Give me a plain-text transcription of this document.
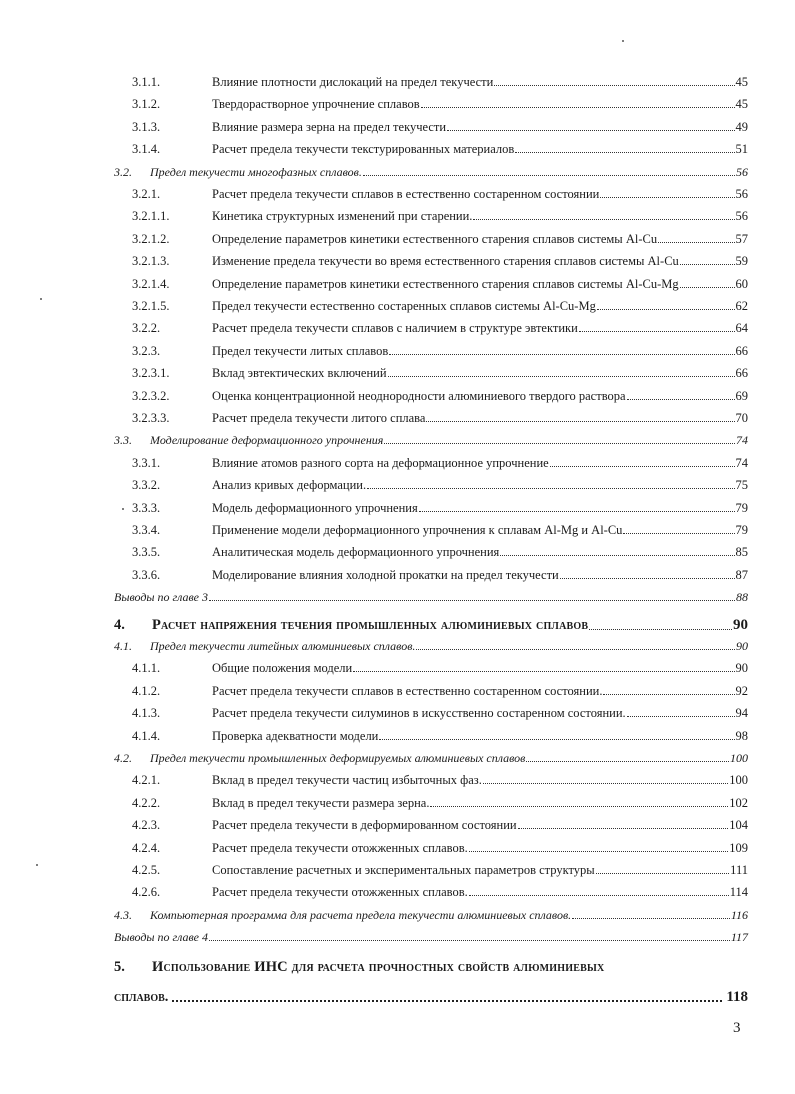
3.1.1.	Влияние плотности дислокаций на предел текучести	45
3.1.2.	Твердорастворное упрочнение сплавов	45
3.1.3.	Влияние размера зерна на предел текучести	49
3.1.4.	Расчет предела текучести текстурированных материалов	51
3.2.	Предел текучести многофазных сплавов.	56
3.2.1.	Расчет предела текучести сплавов в естественно состаренном состоянии	56
3.2.1.1.	Кинетика структурных изменений при старении.	56
3.2.1.2.	Определение параметров кинетики естественного старения сплавов системы Al-Cu	57
3.2.1.3.	Изменение предела текучести во время естественного старения сплавов системы Al-Cu	59
3.2.1.4.	Определение параметров кинетики естественного старения сплавов системы Al-Cu-Mg	60
3.2.1.5.	Предел текучести естественно состаренных сплавов системы Al-Cu-Mg	62
3.2.2.	Расчет предела текучести сплавов с наличием в структуре эвтектики	64
3.2.3.	Предел текучести литых сплавов	66
3.2.3.1.	Вклад эвтектических включений	66
3.2.3.2.	Оценка концентрационной неоднородности алюминиевого твердого раствора	69
3.2.3.3.	Расчет предела текучести литого сплава	70
3.3.	Моделирование деформационного упрочнения	74
3.3.1.	Влияние атомов разного сорта на деформационное упрочнение	74
3.3.2.	Анализ кривых деформации.	75
3.3.3.	Модель деформационного упрочнения	79
3.3.4.	Применение модели деформационного упрочнения к сплавам Al-Mg и Al-Cu	79
3.3.5.	Аналитическая модель деформационного упрочнения	85
3.3.6.	Моделирование влияния холодной прокатки на предел текучести	87
Выводы по главе 3	88
4.	Расчет напряжения течения промышленных алюминиевых сплавов	90
4.1.	Предел текучести литейных алюминиевых сплавов.	90
4.1.1.	Общие положения модели	90
4.1.2.	Расчет предела текучести сплавов в естественно состаренном состоянии.	92
4.1.3.	Расчет предела текучести силуминов в искусственно состаренном состоянии.	94
4.1.4.	Проверка адекватности модели	98
4.2.	Предел текучести промышленных деформируемых алюминиевых сплавов	100
4.2.1.	Вклад в предел текучести частиц избыточных фаз.	100
4.2.2.	Вклад в предел текучести размера зерна.	102
4.2.3.	Расчет предела текучести в деформированном состоянии	104
4.2.4.	Расчет предела текучести отожженных сплавов.	109
4.2.5.	Сопоставление расчетных и экспериментальных параметров структуры	111
4.2.6.	Расчет предела текучести отожженных сплавов.	114
4.3.	Компьютерная программа для расчета предела текучести алюминиевых сплавов.	116
Выводы по главе 4	117
5. Использование ИНС для расчета прочностных свойств алюминиевых
сплавов.	118
3
